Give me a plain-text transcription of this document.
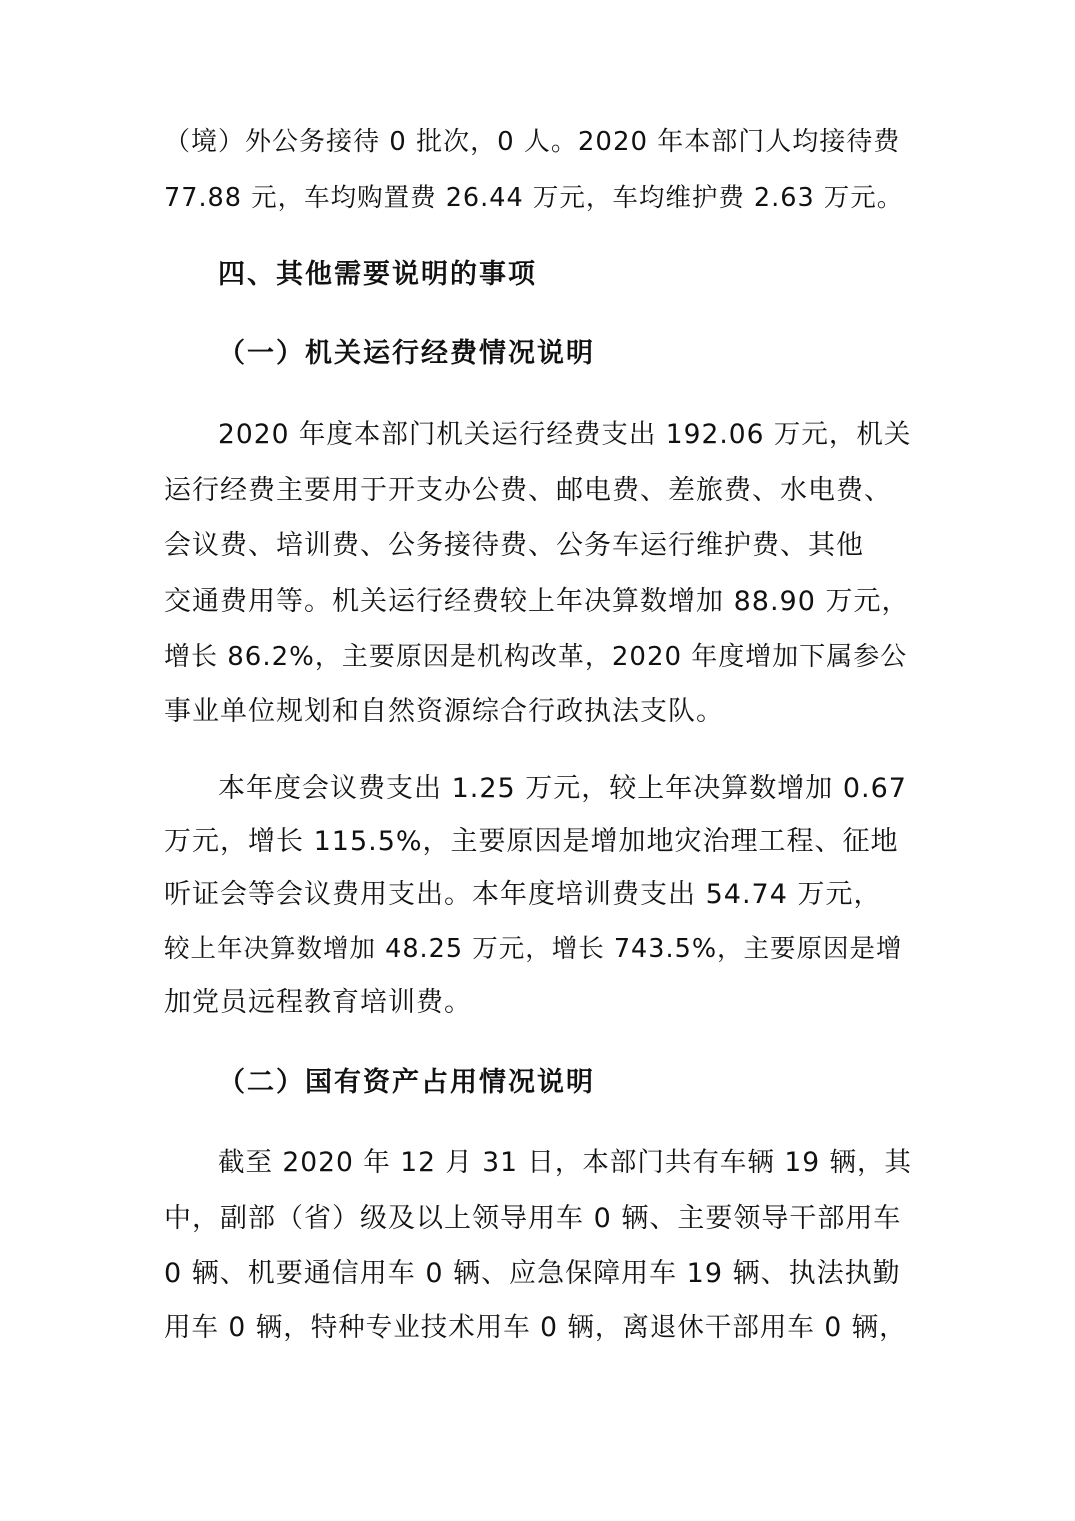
（境）外公务接待 0 批次，0 人。2020 年本部门人均接待费
77.88 元，车均购置费 26.44 万元，车均维护费 2.63 万元。
四、其他需要说明的事项
（一）机关运行经费情况说明
2020 年度本部门机关运行经费支出 192.06 万元，机关
运行经费主要用于开支办公费、邮电费、差旅费、水电费、
会议费、培训费、公务接待费、公务车运行维护费、其他
交通费用等。机关运行经费较上年决算数增加 88.90 万元，
增长 86.2%，主要原因是机构改革，2020 年度增加下属参公
事业单位规划和自然资源综合行政执法支队。
本年度会议费支出 1.25 万元，较上年决算数增加 0.67
万元，增长 115.5%，主要原因是增加地灾治理工程、征地
听证会等会议费用支出。本年度培训费支出 54.74 万元，
较上年决算数增加 48.25 万元，增长 743.5%，主要原因是增
加党员远程教育培训费。
（二）国有资产占用情况说明
截至 2020 年 12 月 31 日，本部门共有车辆 19 辆，其
中，副部（省）级及以上领导用车 0 辆、主要领导干部用车
0 辆、机要通信用车 0 辆、应急保障用车 19 辆、执法执勤
用车 0 辆，特种专业技术用车 0 辆，离退休干部用车 0 辆，
